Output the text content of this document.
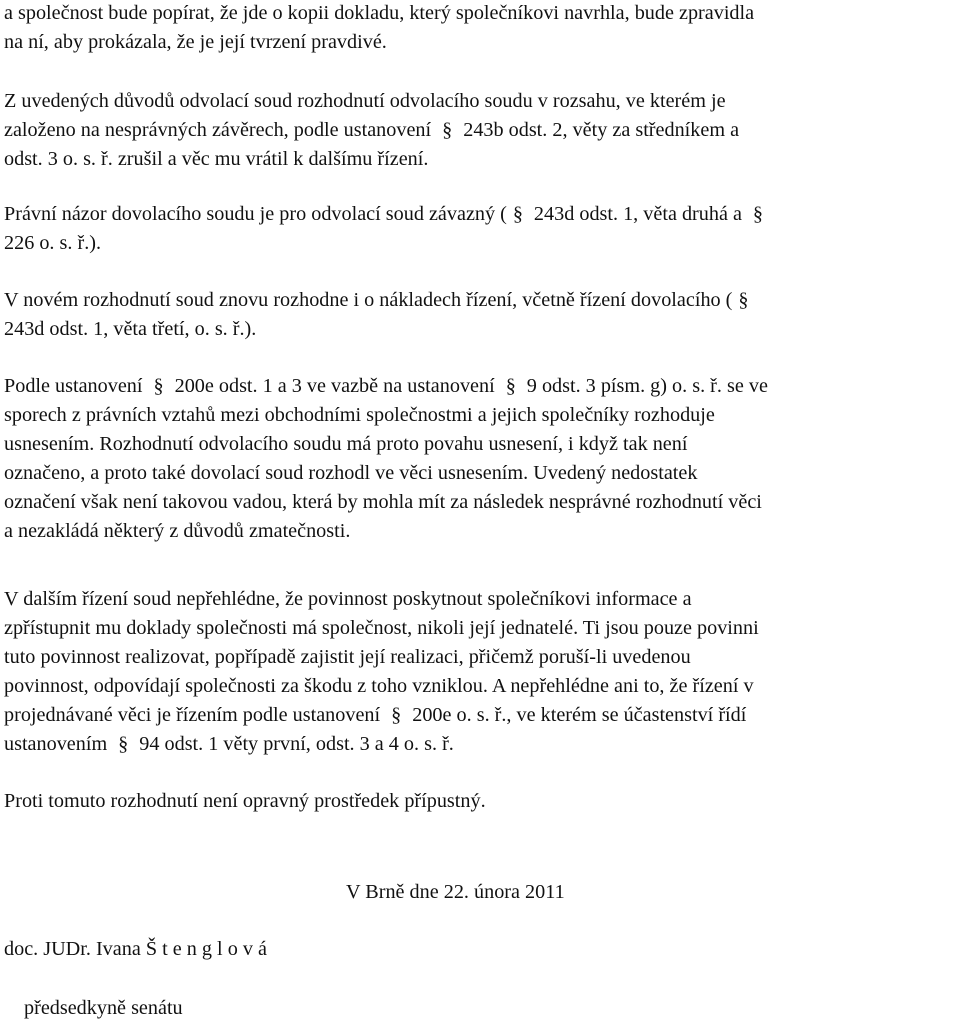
a společnost bude popírat, že jde o kopii dokladu, který společníkovi navrhla, bude zpravidla
na ní, aby prokázala, že je její tvrzení pravdivé.
Z uvedených důvodů odvolací soud rozhodnutí odvolacího soudu v rozsahu, ve kterém je
založeno na nesprávných závěrech, podle ustanovení § 243b odst. 2, věty za středníkem a
odst. 3 o. s. ř. zrušil a věc mu vrátil k dalšímu řízení.
Právní názor dovolacího soudu je pro odvolací soud závazný ( § 243d odst. 1, věta druhá a §
226 o. s. ř.).
V novém rozhodnutí soud znovu rozhodne i o nákladech řízení, včetně řízení dovolacího ( §
243d odst. 1, věta třetí, o. s. ř.).
Podle ustanovení § 200e odst. 1 a 3 ve vazbě na ustanovení § 9 odst. 3 písm. g) o. s. ř. se ve
sporech z právních vztahů mezi obchodními společnostmi a jejich společníky rozhoduje
usnesením. Rozhodnutí odvolacího soudu má proto povahu usnesení, i když tak není
označeno, a proto také dovolací soud rozhodl ve věci usnesením. Uvedený nedostatek
označení však není takovou vadou, která by mohla mít za následek nesprávné rozhodnutí věci
a nezakládá některý z důvodů zmatečnosti.
V dalším řízení soud nepřehlédne, že povinnost poskytnout společníkovi informace a
zpřístupnit mu doklady společnosti má společnost, nikoli její jednatelé. Ti jsou pouze povinni
tuto povinnost realizovat, popřípadě zajistit její realizaci, přičemž poruší-li uvedenou
povinnost, odpovídají společnosti za škodu z toho vzniklou. A nepřehlédne ani to, že řízení v
projednávané věci je řízením podle ustanovení § 200e o. s. ř., ve kterém se účastenství řídí
ustanovením § 94 odst. 1 věty první, odst. 3 a 4 o. s. ř.
Proti tomuto rozhodnutí není opravný prostředek přípustný.
V Brně dne 22. února 2011
doc. JUDr. Ivana Š t e n g l o v á
předsedkyně senátu
